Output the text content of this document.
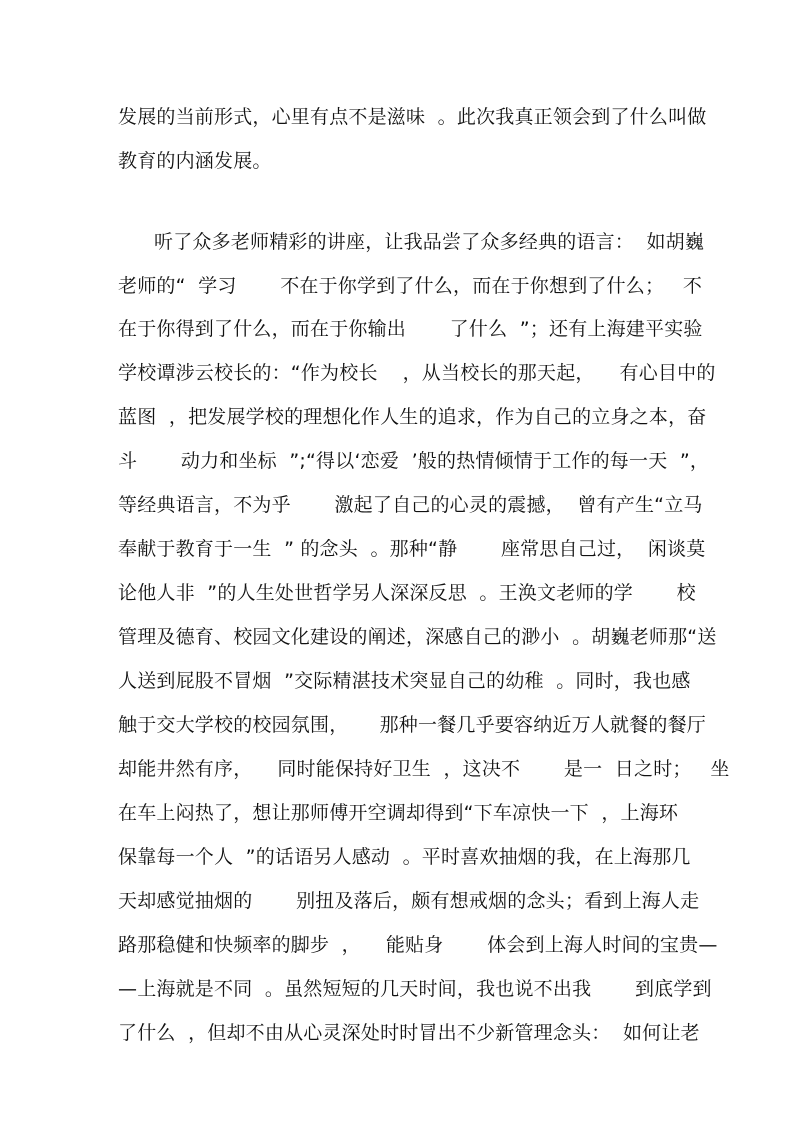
发展的当前形式，心里有点不是滋味  。此次我真正领会到了什么叫做
教育的内涵发展。
听了众多老师精彩的讲座，让我品尝了众多经典的语言：  如胡巍
老师的“  学习       不在于你学到了什么，而在于你想到了什么；   不
在于你得到了什么，而在于你输出       了什么  ”；还有上海建平实验
学校谭涉云校长的：“作为校长    ，从当校长的那天起，    有心目中的
蓝图  ，把发展学校的理想化作人生的追求，作为自己的立身之本，奋
斗       动力和坐标  ”;“得以‘恋爱  ’般的热情倾情于工作的每一天  ”，
等经典语言，不为乎       激起了自己的心灵的震撼，  曾有产生“立马
奉献于教育于一生  ” 的念头  。那种“静       座常思自己过，  闲谈莫
论他人非  ”的人生处世哲学另人深深反思  。王涣文老师的学       校
管理及德育、校园文化建设的阐述，深感自己的渺小  。胡巍老师那“送
人送到屁股不冒烟  ”交际精湛技术突显自己的幼稚  。同时，我也感
触于交大学校的校园氛围，     那种一餐几乎要容纳近万人就餐的餐厅
却能井然有序，    同时能保持好卫生  ，这决不       是一  日之时；   坐
在车上闷热了，想让那师傅开空调却得到“下车凉快一下  ，上海环
保靠每一个人  ”的话语另人感动  。平时喜欢抽烟的我，在上海那几
天却感觉抽烟的       别扭及落后，颇有想戒烟的念头；看到上海人走
路那稳健和快频率的脚步  ，    能贴身       体会到上海人时间的宝贵—
—上海就是不同  。虽然短短的几天时间，我也说不出我       到底学到
了什么  ，但却不由从心灵深处时时冒出不少新管理念头：  如何让老
